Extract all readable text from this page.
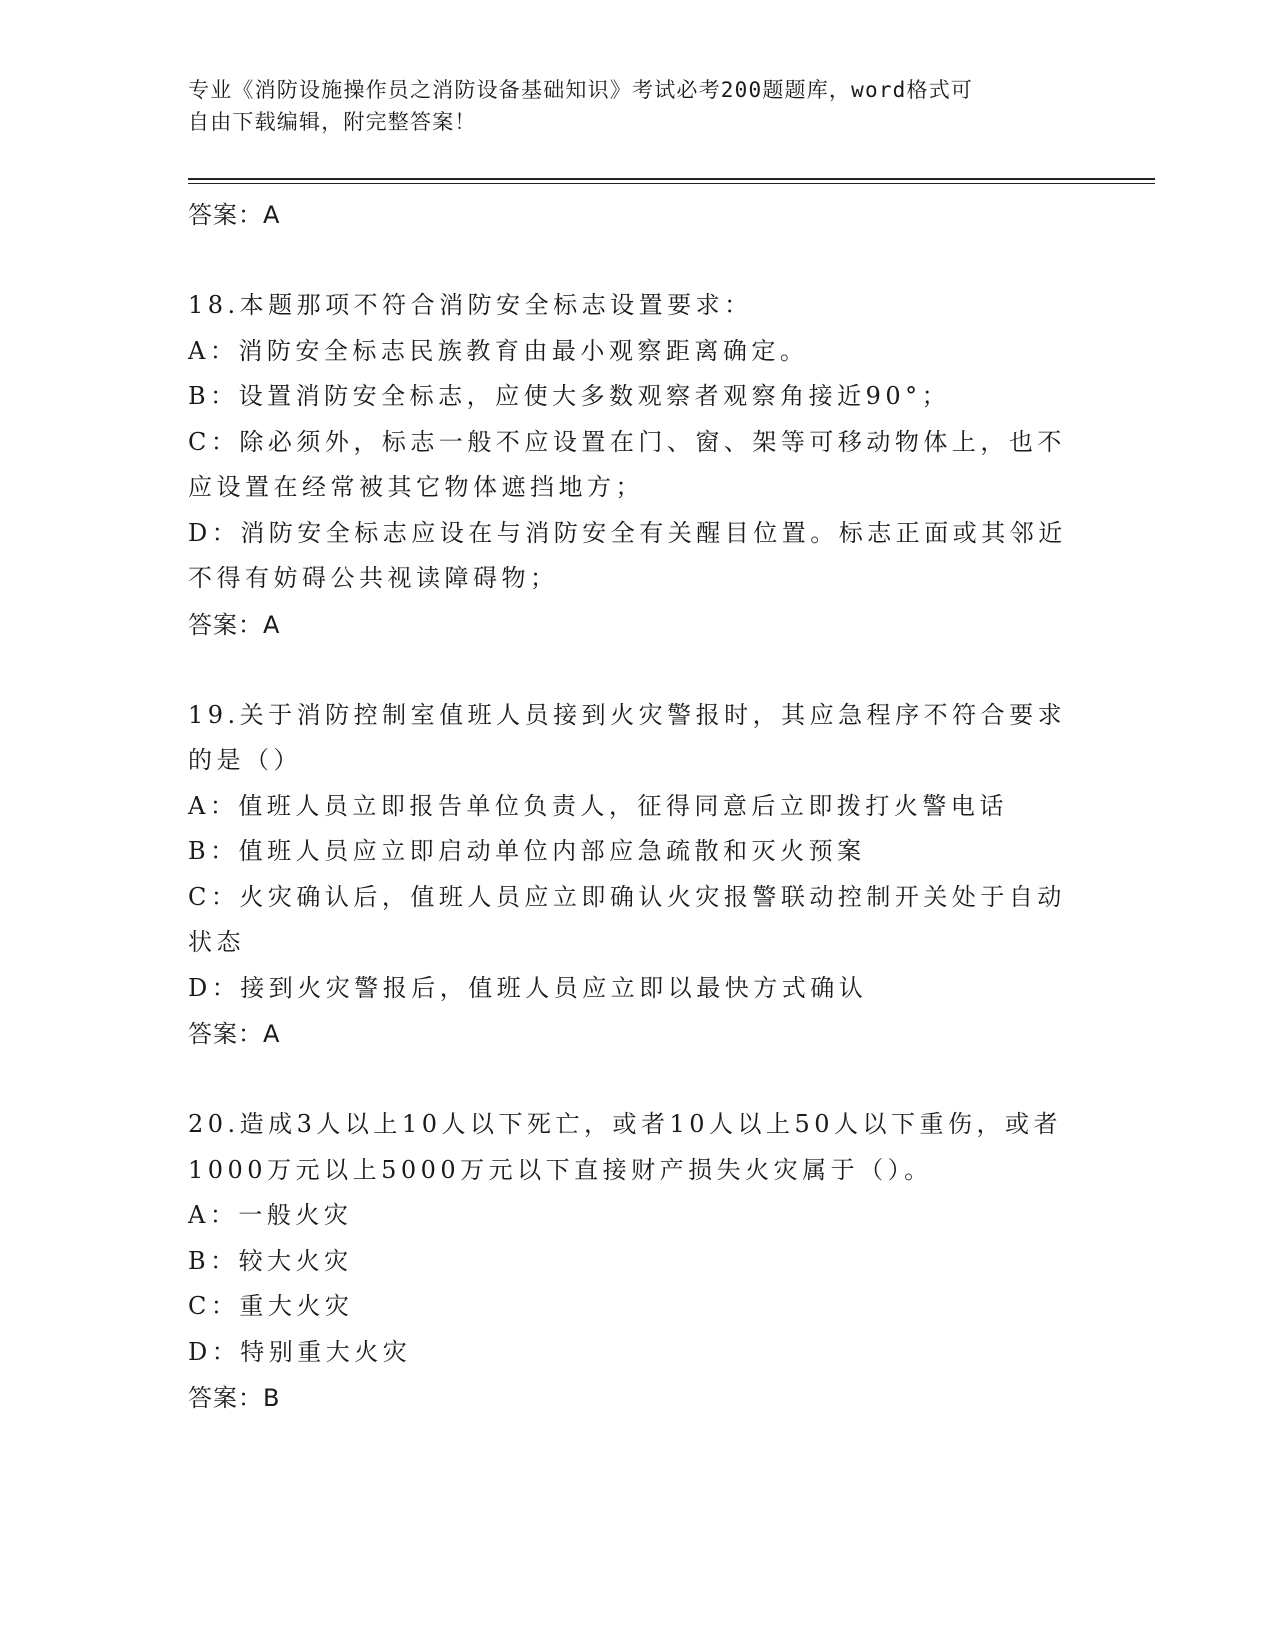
专业《消防设施操作员之消防设备基础知识》考试必考200题题库，word格式可
自由下载编辑，附完整答案！
答案：A
18.本题那项不符合消防安全标志设置要求：
A：消防安全标志民族教育由最小观察距离确定。
B：设置消防安全标志，应使大多数观察者观察角接近90°；
C：除必须外，标志一般不应设置在门、窗、架等可移动物体上，也不应设置在经常被其它物体遮挡地方；
D：消防安全标志应设在与消防安全有关醒目位置。标志正面或其邻近不得有妨碍公共视读障碍物；
答案：A
19.关于消防控制室值班人员接到火灾警报时，其应急程序不符合要求的是（）
A：值班人员立即报告单位负责人，征得同意后立即拨打火警电话
B：值班人员应立即启动单位内部应急疏散和灭火预案
C：火灾确认后，值班人员应立即确认火灾报警联动控制开关处于自动状态
D：接到火灾警报后，值班人员应立即以最快方式确认
答案：A
20.造成3人以上10人以下死亡，或者10人以上50人以下重伤，或者1000万元以上5000万元以下直接财产损失火灾属于（）。
A：一般火灾
B：较大火灾
C：重大火灾
D：特别重大火灾
答案：B
